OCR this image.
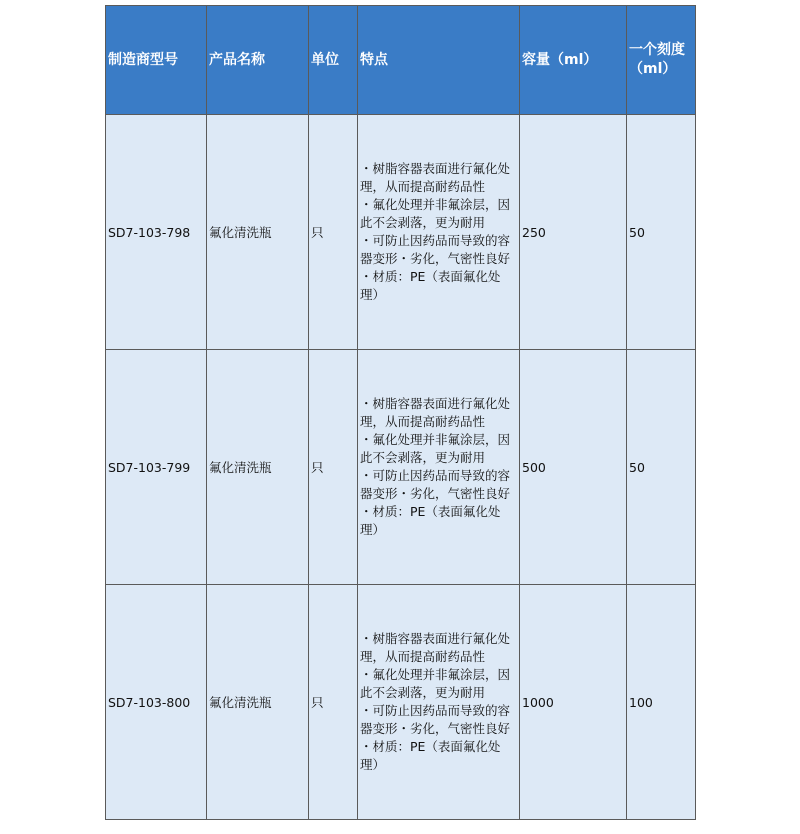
制造商型号	产品名称	单位	特点	容量（ml）	一个刻度（ml）
SD7-103-798	氟化清洗瓶	只	・树脂容器表面进行氟化处理，从而提高耐药品性
・氟化处理并非氟涂层，因此不会剥落，更为耐用
・可防止因药品而导致的容器变形・劣化，气密性良好
・材质：PE（表面氟化处理）	250	50
SD7-103-799	氟化清洗瓶	只	・树脂容器表面进行氟化处理，从而提高耐药品性
・氟化处理并非氟涂层，因此不会剥落，更为耐用
・可防止因药品而导致的容器变形・劣化，气密性良好
・材质：PE（表面氟化处理）	500	50
SD7-103-800	氟化清洗瓶	只	・树脂容器表面进行氟化处理，从而提高耐药品性
・氟化处理并非氟涂层，因此不会剥落，更为耐用
・可防止因药品而导致的容器变形・劣化，气密性良好
・材质：PE（表面氟化处理）	1000	100
